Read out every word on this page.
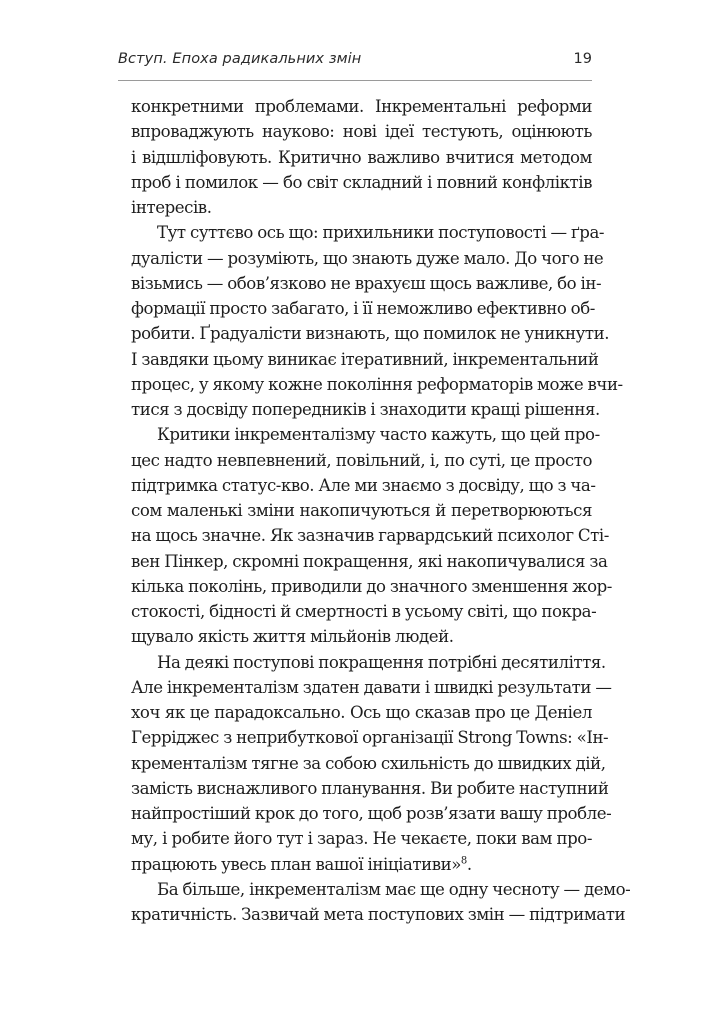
Вступ. Епоха радикальних змін	19
конкретними проблемами. Інкрементальні реформи
впроваджують науково: нові ідеї тестують, оцінюють
і відшліфовують. Критично важливо вчитися методом
проб і помилок — бо світ складний і повний конфліктів
інтересів.
Тут суттєво ось що: прихильники поступовості — ґра-
дуалісти — розуміють, що знають дуже мало. До чого не
візьмись — обов’язково не врахуєш щось важливе, бо ін-
формації просто забагато, і її неможливо ефективно об-
робити. Ґрадуалісти визнають, що помилок не уникнути.
І завдяки цьому виникає ітеративний, інкрементальний
процес, у якому кожне покоління реформаторів може вчи-
тися з досвіду попередників і знаходити кращі рішення.
Критики інкременталізму часто кажуть, що цей про-
цес надто невпевнений, повільний, і, по суті, це просто
підтримка статус-кво. Але ми знаємо з досвіду, що з ча-
сом маленькі зміни накопичуються й перетворюються
на щось значне. Як зазначив гарвардський психолог Сті-
вен Пінкер, скромні покращення, які накопичувалися за
кілька поколінь, приводили до значного зменшення жор-
стокості, бідності й смертності в усьому світі, що покра-
щувало якість життя мільйонів людей.
На деякі поступові покращення потрібні десятиліття.
Але інкременталізм здатен давати і швидкі результати —
хоч як це парадоксально. Ось що сказав про це Деніел
Герріджес з неприбуткової організації Strong Towns: «Ін-
кременталізм тягне за собою схильність до швидких дій,
замість виснажливого планування. Ви робите наступний
найпростіший крок до того, щоб розв’язати вашу пробле-
му, і робите його тут і зараз. Не чекаєте, поки вам про-
працюють увесь план вашої ініціативи»$^8$.
Ба більше, інкременталізм має ще одну чесноту — демо-
кратичність. Зазвичай мета поступових змін — підтримати
